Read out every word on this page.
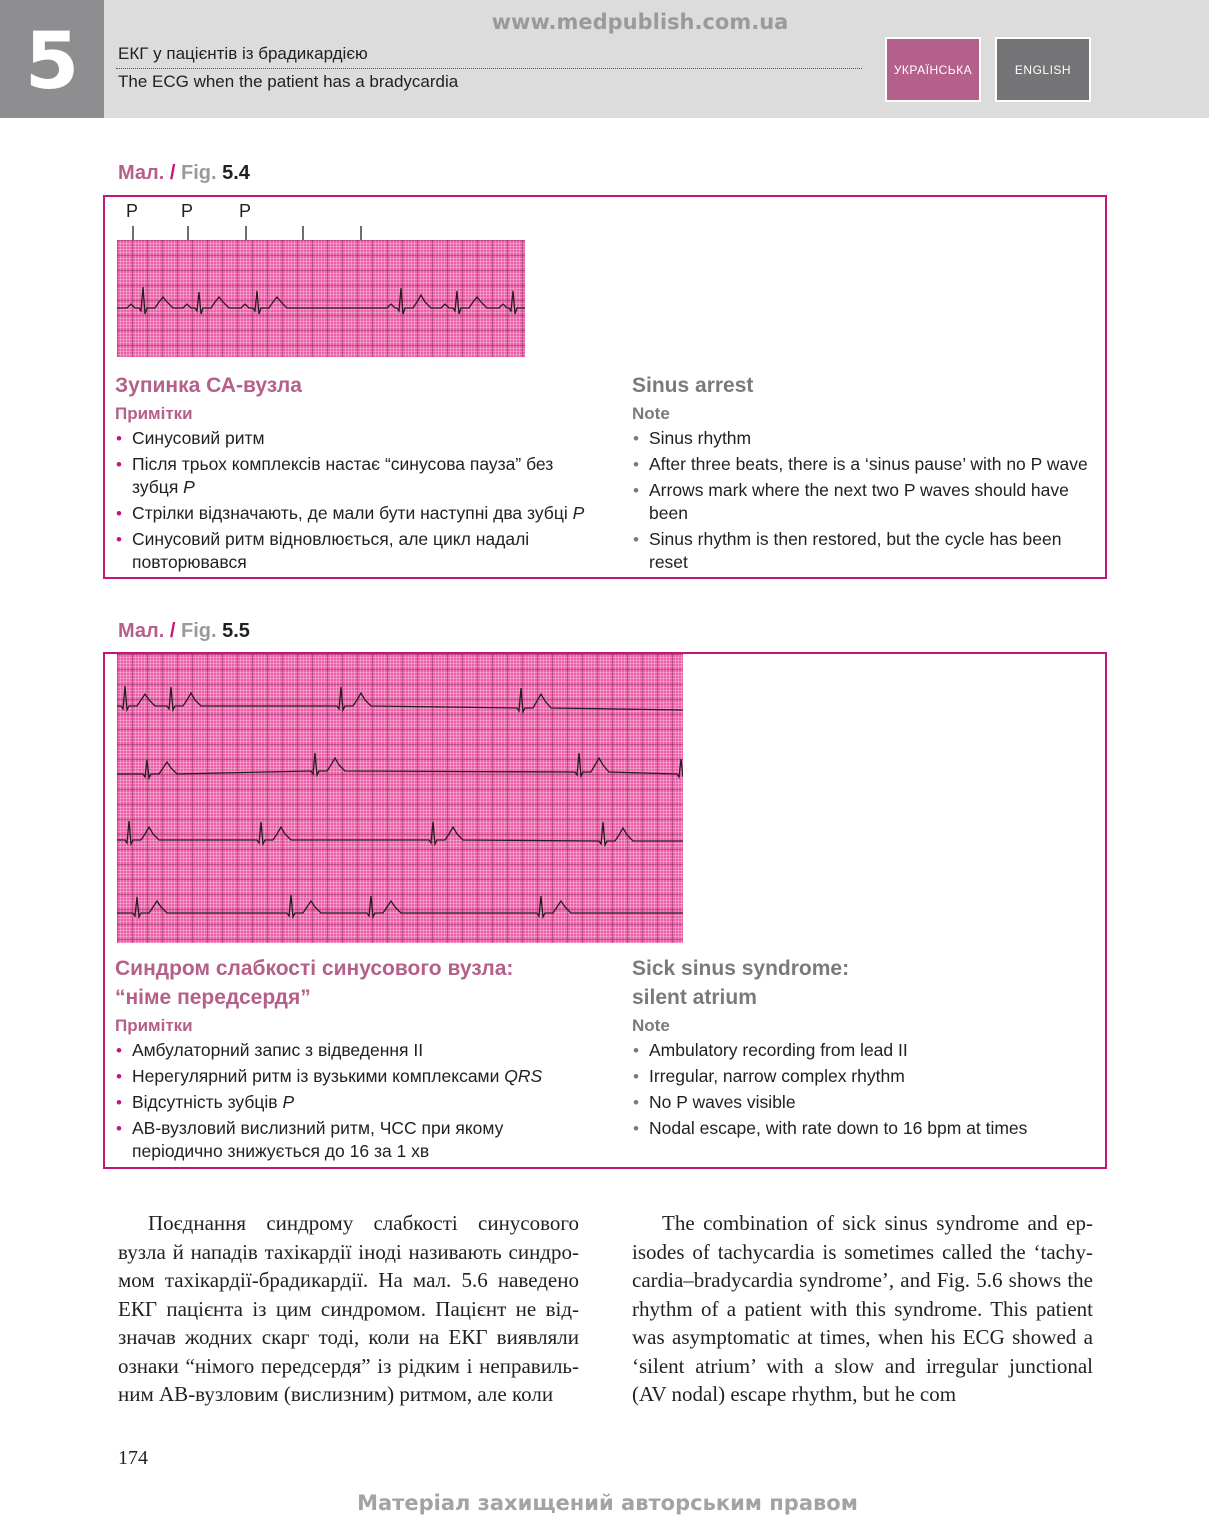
5	www.medpublish.com.ua
ЕКГ у пацієнтів із брадикардією
The ECG when the patient has a bradycardia
УКРАЇНСЬКА	ENGLISH
Мал. / Fig. 5.4
P P	P
Зупинка СА-вузла
Примітки
• Синусовий ритм
• Після трьох комплексів настає “синусова пауза” без зубця P
• Стрілки відзначають, де мали бути наступні два зубці P
• Синусовий ритм відновлюється, але цикл надалі повторювався
Sinus arrest
Note
• Sinus rhythm
• After three beats, there is a ‘sinus pause’ with no P wave
• Arrows mark where the next two P waves should have been
• Sinus rhythm is then restored, but the cycle has been reset
Мал. / Fig. 5.5
Синдром слабкості синусового вузла:
“німе передсердя”
Примітки
• Амбулаторний запис з відведення II
• Нерегулярний ритм із вузькими комплексами QRS
• Відсутність зубців P
• АВ-вузловий вислизний ритм, ЧСС при якому періодично знижується до 16 за 1 хв
Sick sinus syndrome:
silent atrium
Note
• Ambulatory recording from lead II
• Irregular, narrow complex rhythm
• No P waves visible
• Nodal escape, with rate down to 16 bpm at times

Поєднання синдрому слабкості синусового вузла й нападів тахікардії іноді називають синдромом тахікардії-брадикардії. На мал. 5.6 наведено ЕКГ пацієнта із цим синдромом. Пацієнт не відзначав жодних скарг тоді, коли на ЕКГ виявляли ознаки “німого передсердя” із рідким і неправильним АВ-вузловим (вислизним) ритмом, але коли

The combination of sick sinus syndrome and episodes of tachycardia is sometimes called the ‘tachycardia–bradycardia syndrome’, and Fig. 5.6 shows the rhythm of a patient with this syndrome. This patient was asymptomatic at times, when his ECG showed a ‘silent atrium’ with a slow and irregular junctional (AV nodal) escape rhythm, but he com

174
Матеріал захищений авторським правом
